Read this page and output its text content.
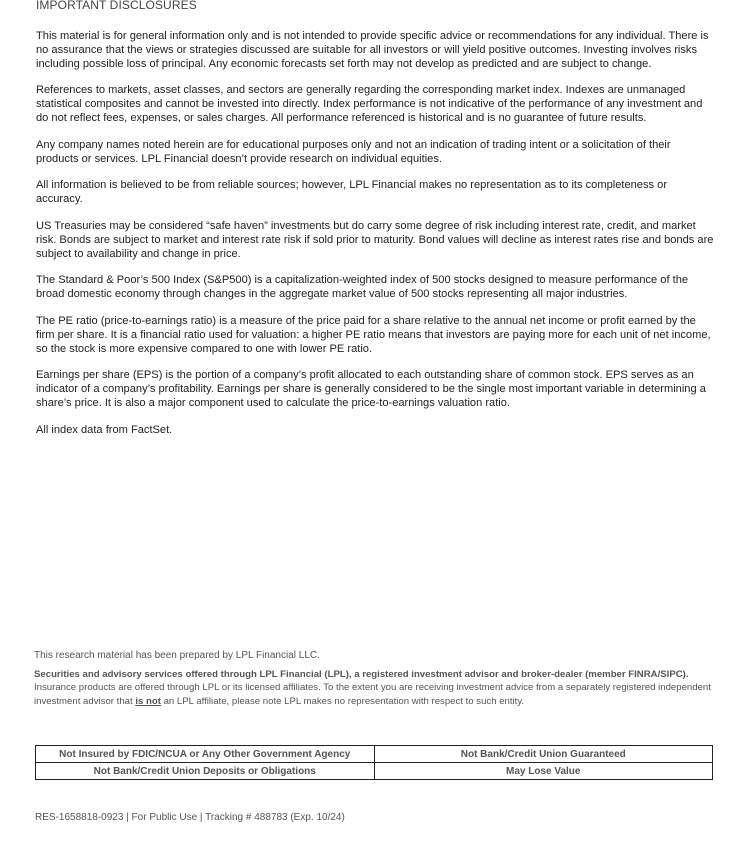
IMPORTANT DISCLOSURES

This material is for general information only and is not intended to provide specific advice or recommendations for any individual. There is no assurance that the views or strategies discussed are suitable for all investors or will yield positive outcomes. Investing involves risks including possible loss of principal. Any economic forecasts set forth may not develop as predicted and are subject to change.

References to markets, asset classes, and sectors are generally regarding the corresponding market index. Indexes are unmanaged statistical composites and cannot be invested into directly. Index performance is not indicative of the performance of any investment and do not reflect fees, expenses, or sales charges. All performance referenced is historical and is no guarantee of future results.

Any company names noted herein are for educational purposes only and not an indication of trading intent or a solicitation of their products or services. LPL Financial doesn’t provide research on individual equities.

All information is believed to be from reliable sources; however, LPL Financial makes no representation as to its completeness or accuracy.

US Treasuries may be considered “safe haven” investments but do carry some degree of risk including interest rate, credit, and market risk. Bonds are subject to market and interest rate risk if sold prior to maturity. Bond values will decline as interest rates rise and bonds are subject to availability and change in price.

The Standard & Poor’s 500 Index (S&P500) is a capitalization-weighted index of 500 stocks designed to measure performance of the broad domestic economy through changes in the aggregate market value of 500 stocks representing all major industries.

The PE ratio (price-to-earnings ratio) is a measure of the price paid for a share relative to the annual net income or profit earned by the firm per share. It is a financial ratio used for valuation: a higher PE ratio means that investors are paying more for each unit of net income, so the stock is more expensive compared to one with lower PE ratio.

Earnings per share (EPS) is the portion of a company’s profit allocated to each outstanding share of common stock. EPS serves as an indicator of a company’s profitability. Earnings per share is generally considered to be the single most important variable in determining a share’s price. It is also a major component used to calculate the price-to-earnings valuation ratio.

All index data from FactSet.

This research material has been prepared by LPL Financial LLC.

Securities and advisory services offered through LPL Financial (LPL), a registered investment advisor and broker-dealer (member FINRA/SIPC). Insurance products are offered through LPL or its licensed affiliates. To the extent you are receiving investment advice from a separately registered independent investment advisor that is not an LPL affiliate, please note LPL makes no representation with respect to such entity.

Not Insured by FDIC/NCUA or Any Other Government Agency	Not Bank/Credit Union Guaranteed
Not Bank/Credit Union Deposits or Obligations	May Lose Value

RES-1658818-0923 | For Public Use | Tracking # 488783 (Exp. 10/24)
